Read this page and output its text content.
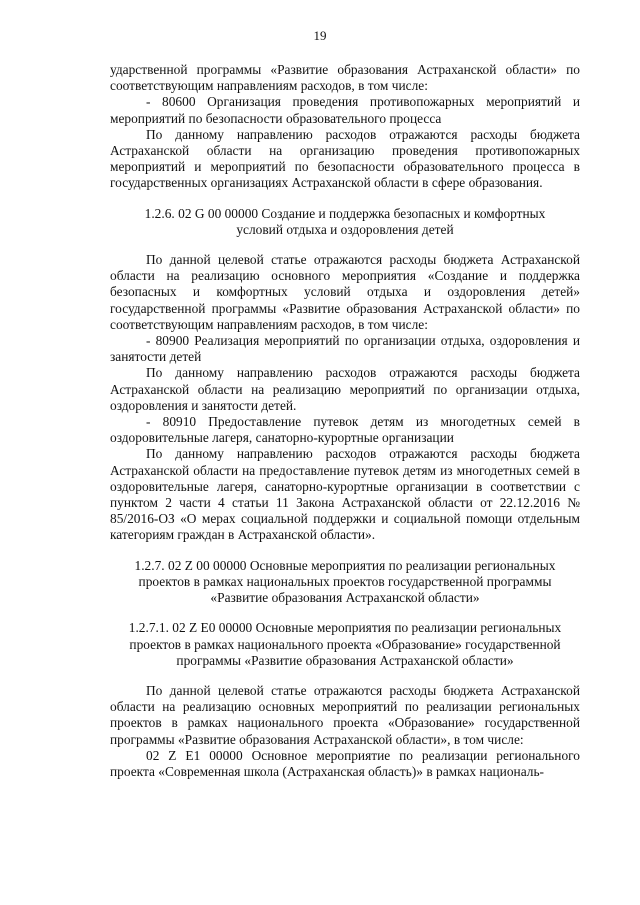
19

ударственной программы «Развитие образования Астраханской области» по соответствующим направлениям расходов, в том числе:

- 80600 Организация проведения противопожарных мероприятий и мероприятий по безопасности образовательного процесса

По данному направлению расходов отражаются расходы бюджета Астраханской области на организацию проведения противопожарных мероприятий и мероприятий по безопасности образовательного процесса в государственных организациях Астраханской области в сфере образования.

1.2.6. 02 G 00 00000 Создание и поддержка безопасных и комфортных условий отдыха и оздоровления детей

По данной целевой статье отражаются расходы бюджета Астраханской области на реализацию основного мероприятия «Создание и поддержка безопасных и комфортных условий отдыха и оздоровления детей» государственной программы «Развитие образования Астраханской области» по соответствующим направлениям расходов, в том числе:

- 80900 Реализация мероприятий по организации отдыха, оздоровления и занятости детей

По данному направлению расходов отражаются расходы бюджета Астраханской области на реализацию мероприятий по организации отдыха, оздоровления и занятости детей.

- 80910 Предоставление путевок детям из многодетных семей в оздоровительные лагеря, санаторно-курортные организации

По данному направлению расходов отражаются расходы бюджета Астраханской области на предоставление путевок детям из многодетных семей в оздоровительные лагеря, санаторно-курортные организации в соответствии с пунктом 2 части 4 статьи 11 Закона Астраханской области от 22.12.2016 № 85/2016-ОЗ «О мерах социальной поддержки и социальной помощи отдельным категориям граждан в Астраханской области».

1.2.7. 02 Z 00 00000 Основные мероприятия по реализации региональных проектов в рамках национальных проектов государственной программы «Развитие образования Астраханской области»
1.2.7.1. 02 Z E0 00000 Основные мероприятия по реализации региональных проектов в рамках национального проекта «Образование» государственной программы «Развитие образования Астраханской области»

По данной целевой статье отражаются расходы бюджета Астраханской области на реализацию основных мероприятий по реализации региональных проектов в рамках национального проекта «Образование» государственной программы «Развитие образования Астраханской области», в том числе:

02 Z E1 00000 Основное мероприятие по реализации регионального проекта «Современная школа (Астраханская область)» в рамках националь-
